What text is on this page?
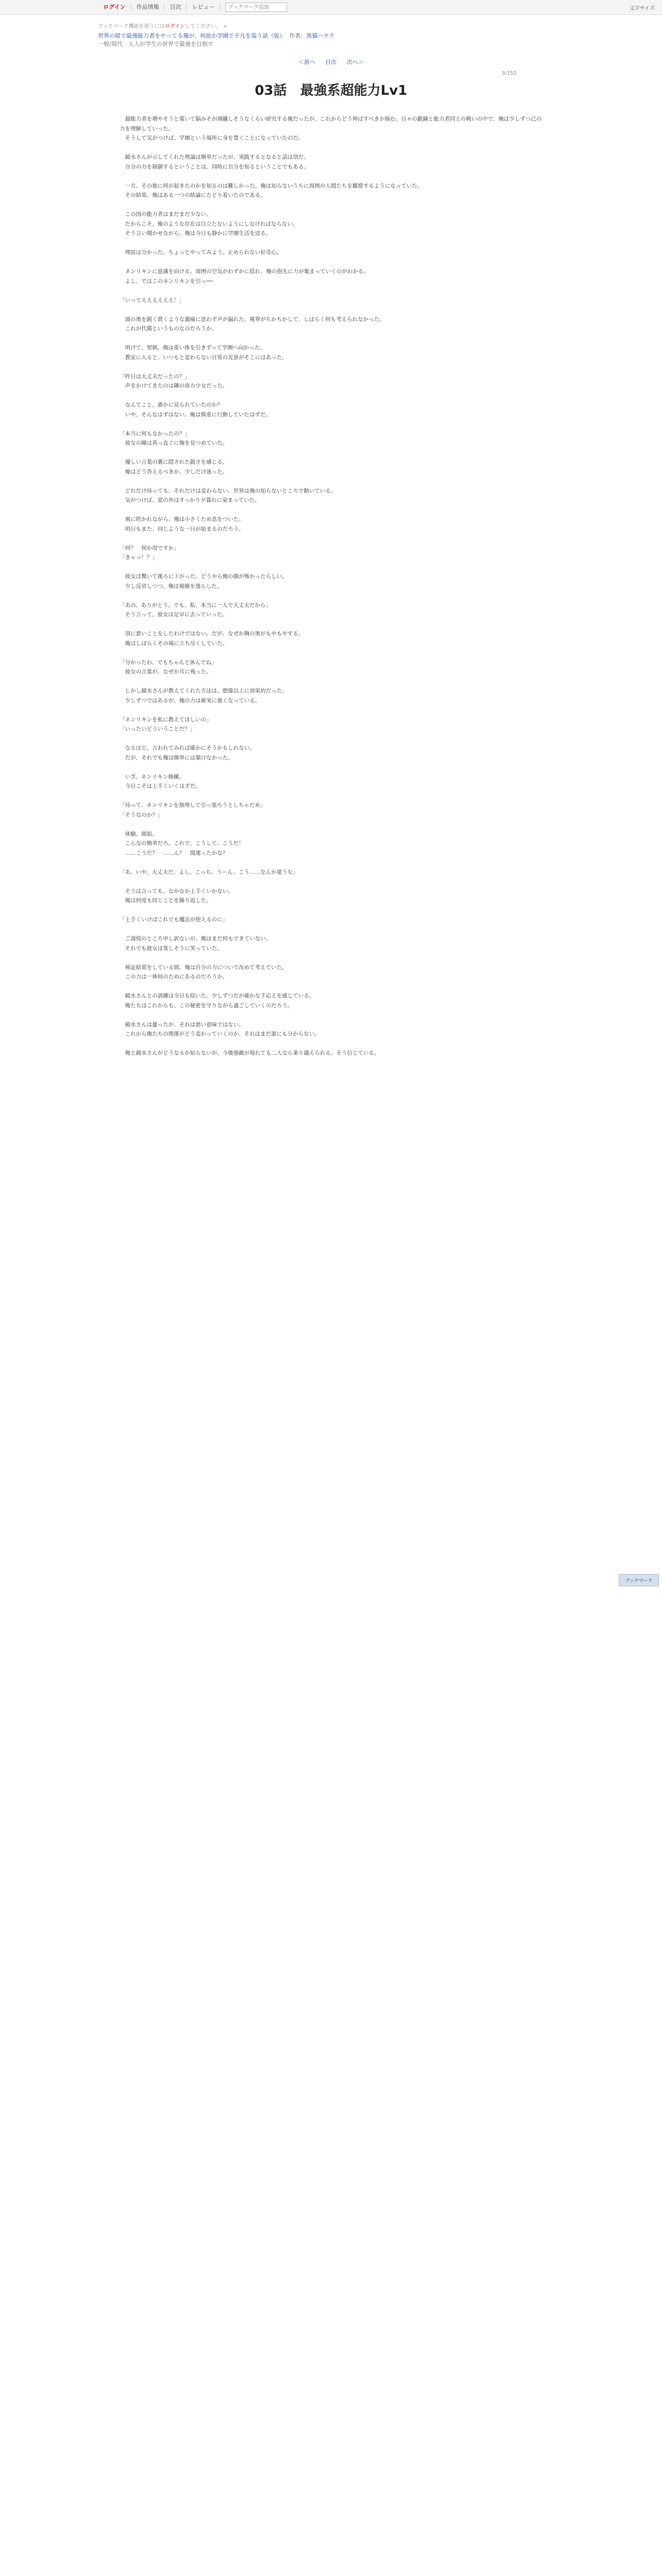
ログイン	作品情報	目次	レビュー
ブックマーク追加	文字サイズ
ブックマーク機能を使うにはログインしてください。 ×
世界の陰で最強能力者をやってる俺が、何故か学園で平凡を装う話（仮） 作者：黒猫ハヤテ
一般/現代　大人が学生の世界で最強を目指す
＜前へ 目次 次へ＞
3/152
03話　最強系超能力Lv1

　超能力者を増やそうと策いて脳みそが沸騰しそうなくらい研究する俺だったが、これからどう伸ばすべきか悩む。日々の鍛錬と能力者同士の戦いの中で、俺は少しずつ己の力を理解していった。
　そうして気がつけば、学園という場所に身を置くことになっていたのだ。

　鏡水さんが示してくれた理論は簡単だったが、実践するとなると話は別だ。
　自分の力を制御するということは、同時に自分を知るということでもある。

　一方、その他に何が起きたのかを知るのは難しかった。俺は知らないうちに周囲の人間たちを観察するようになっていた。
　その結果、俺はある一つの結論にたどり着いたのである。

　この国の能力者はまだまだ少ない。
　だからこそ、俺のような存在は目立たないようにしなければならない。
　そう言い聞かせながら、俺は今日も静かに学園生活を送る。

　理屈は分かった。ちょっとやってみよう。止められない好奇心。

　ネンリキンに意識を向ける。周囲の空気がわずかに揺れ、俺の指先に力が集まっていくのがわかる。
　よし、ではこのネンリキンを引っ──

「いってええええええ！」

　頭の奥を鋭く貫くような激痛に思わず声が漏れた。視界がちかちかして、しばらく何も考えられなかった。
　これが代償というものなのだろうか。

　明けて、翌朝。俺は重い体を引きずって学園へ向かった。
　教室に入ると、いつもと変わらない日常の光景がそこにはあった。

「昨日は大丈夫だったの？」
　声をかけてきたのは隣の席の少女だった。

　なんてこと、誰かに見られていたのか？
　いや、そんなはずはない。俺は慎重に行動していたはずだ。

「本当に何もなかったの？」
　彼女の瞳は真っ直ぐに俺を見つめていた。

　優しい言葉の裏に隠された鋭さを感じる。
　俺はどう答えるべきか、少しだけ迷った。

　どれだけ待っても、それだけは変わらない。世界は俺の知らないところで動いている。
　気がつけば、窓の外はすっかり夕暮れに染まっていた。

　風に吹かれながら、俺は小さくため息をついた。
　明日もまた、同じような一日が始まるのだろう。

「何？　何か用ですか」
「きゃっ！？」

　彼女は驚いて後ろに下がった。どうやら俺の顔が怖かったらしい。
　少し反省しつつ、俺は視線を逸らした。

「あの、ありがとう。でも、私、本当に一人で大丈夫だから」
　そう言って、彼女は足早に去っていった。

　別に悪いことをしたわけではない。だが、なぜか胸の奥がもやもやする。
　俺はしばらくその場に立ち尽くしていた。

「分かったわ、でもちゃんと休んでね」
　彼女の言葉が、なぜか耳に残った。

　しかし鏡水さんが教えてくれた方法は、想像以上に効果的だった。
　少しずつではあるが、俺の力は確実に強くなっている。

「ネンリキンを私に教えてほしいの」
「いったいどういうことだ？」

　なるほど。言われてみれば確かにそうかもしれない。
　だが、それでも俺は簡単には頷けなかった。

　いざ、ネンリキン修練。
　今日こそは上手くいくはずだ。

「待って、ネンリキンを無理して引っ張ろうとしちゃだめ」
「そうなのか？」

　体験。開始。
　こんなの簡単だろ。これで、こうして、こうだ！
　……こうだ？　……ん？　間違ったかな？

「あ、いや、大丈夫だ。よし、こっち。うーん、こう……なんか違うな」

　そうは言っても、なかなか上手くいかない。
　俺は何度も同じことを繰り返した。

「上手くいけばこれでも魔法が使えるのに」

　ご満悦のところ申し訳ないが、俺はまだ何もできていない。
　それでも彼女は楽しそうに笑っていた。

　検証結果をしている間、俺は自分の力について改めて考えていた。
　この力は一体何のためにあるのだろうか。

　鏡水さんとの訓練は今日も続いた。少しずつだが確かな手応えを感じている。
　俺たちはこれからも、この秘密を守りながら過ごしていくのだろう。

　鏡水さんは曇ったが、それは悪い意味ではない。
　これから俺たちの関係がどう変わっていくのか、それはまだ誰にも分からない。

　俺と鏡水さんがどうなるか知らないが、今後強敵が現れても二人なら乗り越えられる。そう信じている。

ブックマーク
